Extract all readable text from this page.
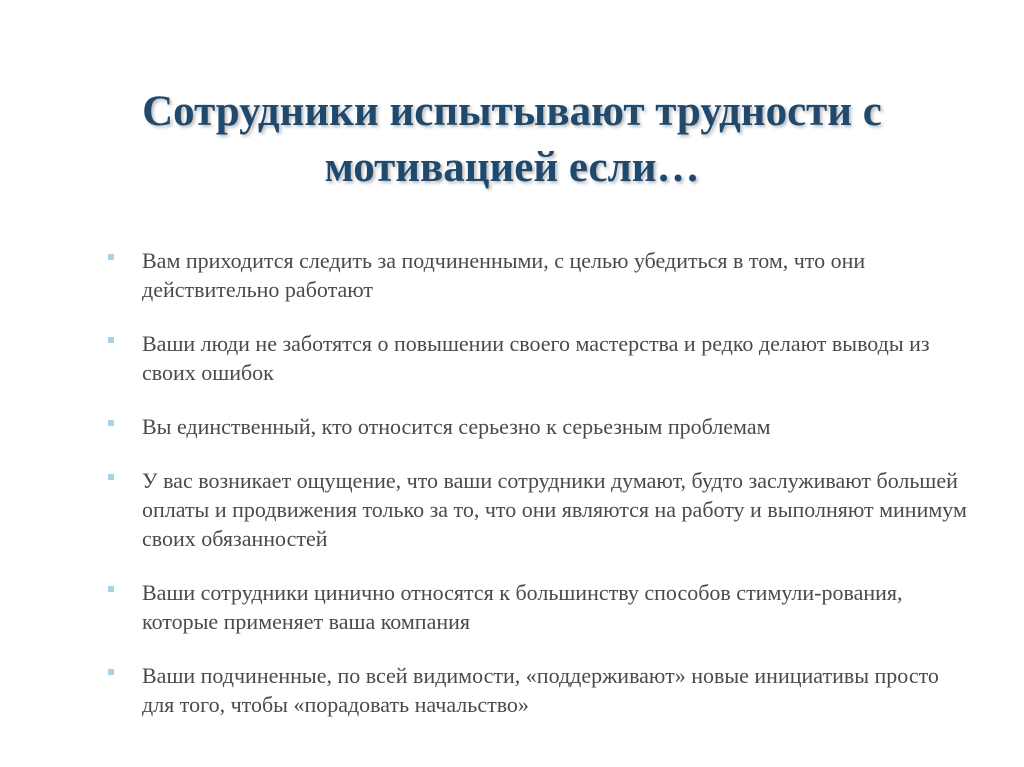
Сотрудники испытывают трудности с мотивацией если…
Вам приходится следить за подчиненными, с целью убедиться в том, что они действительно работают
Ваши люди не заботятся о повышении своего мастерства и редко делают выводы из своих ошибок
Вы единственный, кто относится серьезно к серьезным проблемам
У вас возникает ощущение, что ваши сотрудники думают, будто заслуживают большей оплаты и продвижения только за то, что они являются на работу и выполняют минимум своих обязанностей
Ваши сотрудники цинично относятся к большинству способов стимули-рования, которые применяет ваша компания
Ваши подчиненные, по всей видимости, «поддерживают» новые инициативы просто для того, чтобы «порадовать начальство»
